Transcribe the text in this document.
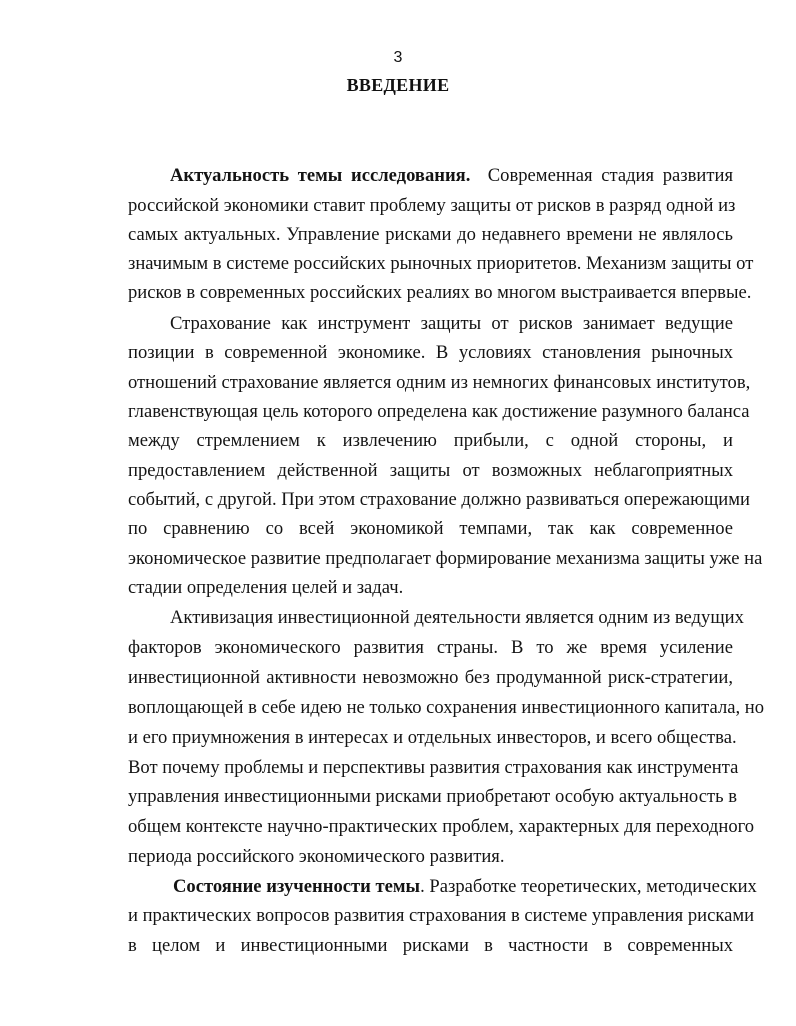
3
ВВЕДЕНИЕ
Актуальность темы исследования. Современная стадия развития
российской экономики ставит проблему защиты от рисков в разряд одной из
самых актуальных. Управление рисками до недавнего времени не являлось
значимым в системе российских рыночных приоритетов. Механизм защиты от
рисков в современных российских реалиях во многом выстраивается впервые.
Страхование как инструмент защиты от рисков занимает ведущие
позиции в современной экономике. В условиях становления рыночных
отношений страхование является одним из немногих финансовых институтов,
главенствующая цель которого определена как достижение разумного баланса
между стремлением к извлечению прибыли, с одной стороны, и
предоставлением действенной защиты от возможных неблагоприятных
событий, с другой. При этом страхование должно развиваться опережающими
по сравнению со всей экономикой темпами, так как современное
экономическое развитие предполагает формирование механизма защиты уже на
стадии определения целей и задач.
Активизация инвестиционной деятельности является одним из ведущих
факторов экономического развития страны. В то же время усиление
инвестиционной активности невозможно без продуманной риск-стратегии,
воплощающей в себе идею не только сохранения инвестиционного капитала, но
и его приумножения в интересах и отдельных инвесторов, и всего общества.
Вот почему проблемы и перспективы развития страхования как инструмента
управления инвестиционными рисками приобретают особую актуальность в
общем контексте научно-практических проблем, характерных для переходного
периода российского экономического развития.
Состояние изученности темы. Разработке теоретических, методических
и практических вопросов развития страхования в системе управления рисками
в целом и инвестиционными рисками в частности в современных
